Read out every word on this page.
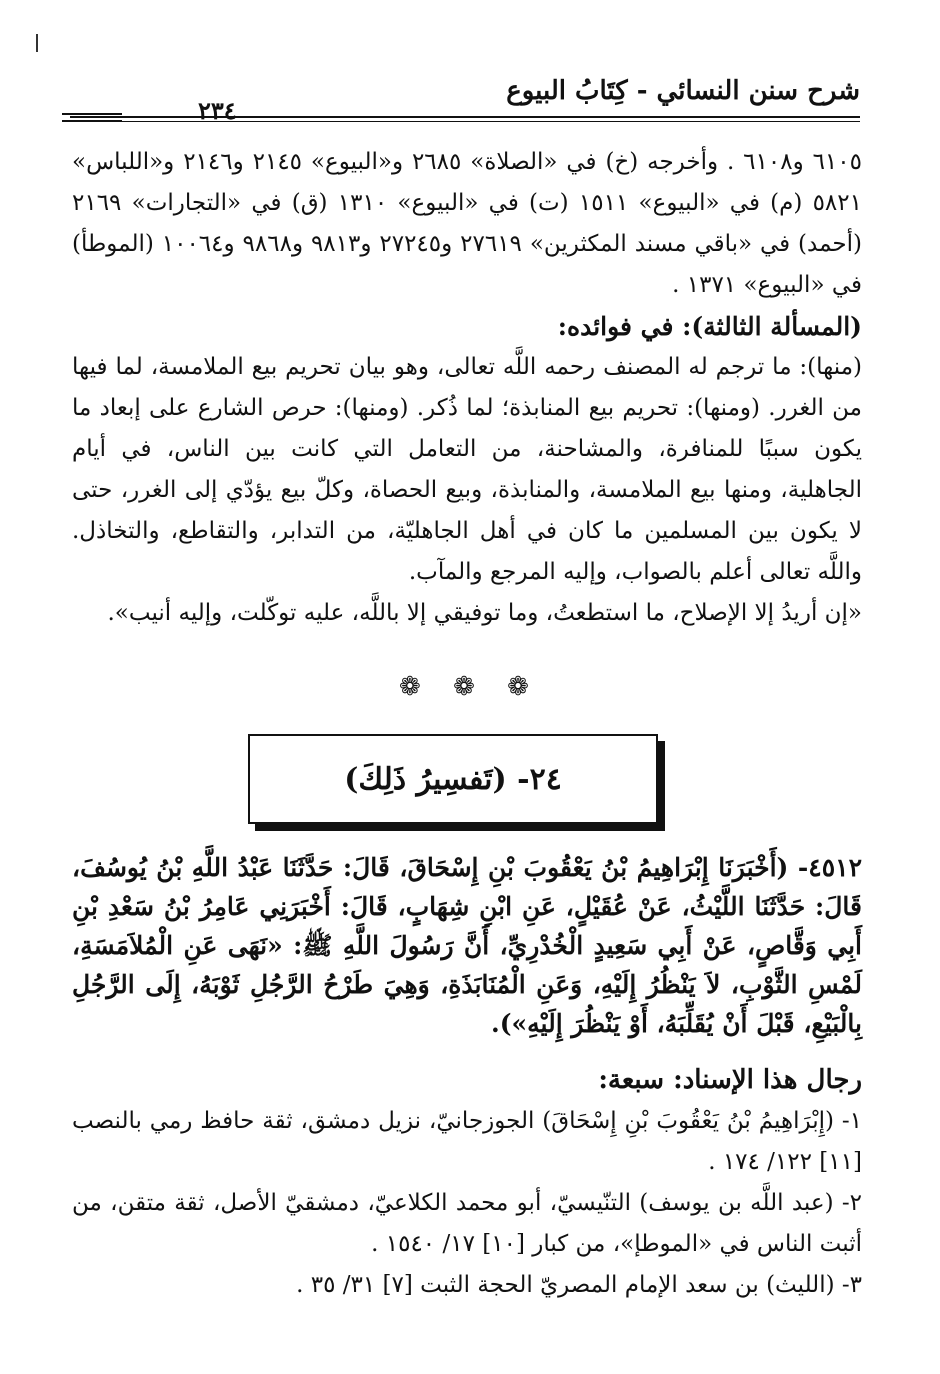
شرح سنن النسائي - كِتَابُ البيوع
٢٣٤

٦١٠٥ و٦١٠٨ . وأخرجه (خ) في «الصلاة» ٢٦٨٥ و«البيوع» ٢١٤٥ و٢١٤٦ و«اللباس» ٥٨٢١ (م) في «البيوع» ١٥١١ (ت) في «البيوع» ١٣١٠ (ق) في «التجارات» ٢١٦٩ (أحمد) في «باقي مسند المكثرين» ٢٧٦١٩ و٢٧٢٤٥ و٩٨١٣ و٩٨٦٨ و١٠٠٦٤ (الموطأ) في «البيوع» ١٣٧١ .

(المسألة الثالثة): في فوائده:

(منها): ما ترجم له المصنف رحمه اللَّه تعالى، وهو بيان تحريم بيع الملامسة، لما فيها من الغرر. (ومنها): تحريم بيع المنابذة؛ لما ذُكر. (ومنها): حرص الشارع على إبعاد ما يكون سببًا للمنافرة، والمشاحنة، من التعامل التي كانت بين الناس، في أيام الجاهلية، ومنها بيع الملامسة، والمنابذة، وبيع الحصاة، وكلّ بيع يؤدّي إلى الغرر، حتى لا يكون بين المسلمين ما كان في أهل الجاهليّة، من التدابر، والتقاطع، والتخاذل. واللَّه تعالى أعلم بالصواب، وإليه المرجع والمآب.

«إن أريدُ إلا الإصلاح، ما استطعتُ، وما توفيقي إلا باللَّه، عليه توكّلت، وإليه أنيب».

❁ ❁ ❁
٢٤- (تَفسِيرُ ذَلِكَ)

٤٥١٢- (أَخْبَرَنَا إِبْرَاهِيمُ بْنُ يَعْقُوبَ بْنِ إِسْحَاقَ، قَالَ: حَدَّثَنَا عَبْدُ اللَّهِ بْنُ يُوسُفَ، قَالَ: حَدَّثَنَا اللَّيْثُ، عَنْ عُقَيْلٍ، عَنِ ابْنِ شِهَابٍ، قَالَ: أَخْبَرَنِي عَامِرُ بْنُ سَعْدِ بْنِ أَبِي وَقَّاصٍ، عَنْ أَبِي سَعِيدٍ الْخُدْرِيِّ، أَنَّ رَسُولَ اللَّهِ ﷺ: «نَهَى عَنِ الْمُلاَمَسَةِ، لَمْسِ الثَّوْبِ، لاَ يَنْظُرُ إِلَيْهِ، وَعَنِ الْمُنَابَذَةِ، وَهِيَ طَرْحُ الرَّجُلِ ثَوْبَهُ، إِلَى الرَّجُلِ بِالْبَيْعِ، قَبْلَ أَنْ يُقَلِّبَهُ، أَوْ يَنْظُرَ إِلَيْهِ»).

رجال هذا الإسناد: سبعة:

١- (إِبْرَاهِيمُ بْنُ يَعْقُوبَ بْنِ إِسْحَاقَ) الجوزجانيّ، نزيل دمشق، ثقة حافظ رمي بالنصب [١١] ١٢٢/ ١٧٤ .

٢- (عبد اللَّه بن يوسف) التنّيسيّ، أبو محمد الكلاعيّ، دمشقيّ الأصل، ثقة متقن، من أثبت الناس في «الموطإ»، من كبار [١٠] ١٧/ ١٥٤٠ .

٣- (الليث) بن سعد الإمام المصريّ الحجة الثبت [٧] ٣١/ ٣٥ .
